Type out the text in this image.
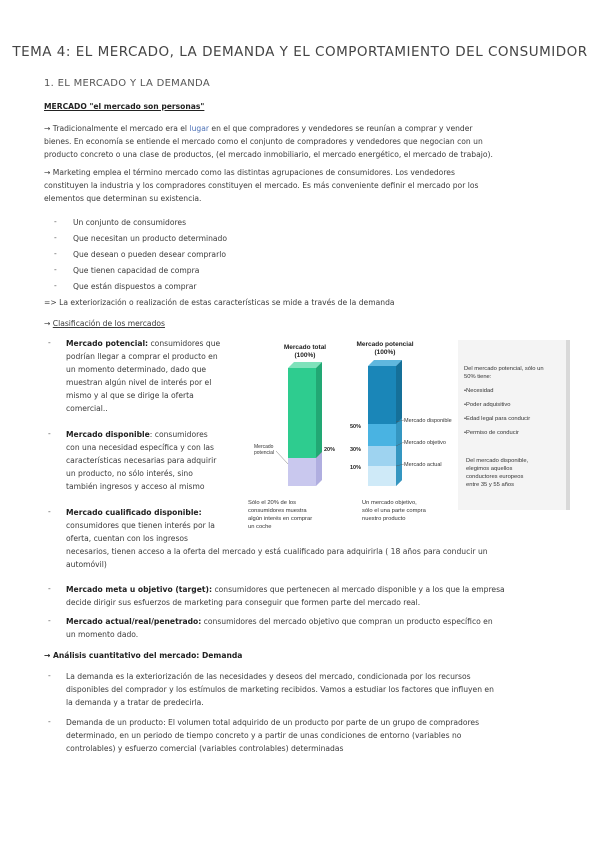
TEMA 4: EL MERCADO, LA DEMANDA Y EL COMPORTAMIENTO DEL CONSUMIDOR
1. EL MERCADO Y LA DEMANDA
MERCADO "el mercado son personas"
→ Tradicionalmente el mercado era el lugar en el que compradores y vendedores se reunían a comprar y vender
bienes. En economía se entiende el mercado como el conjunto de compradores y vendedores que negocian con un
producto concreto o una clase de productos, (el mercado inmobiliario, el mercado energético, el mercado de trabajo).
→ Marketing emplea el término mercado como las distintas agrupaciones de consumidores. Los vendedores
constituyen la industria y los compradores constituyen el mercado. Es más conveniente definir el mercado por los
elementos que determinan su existencia.
- Un conjunto de consumidores
- Que necesitan un producto determinado
- Que desean o pueden desear comprarlo
- Que tienen capacidad de compra
- Que están dispuestos a comprar
=> La exteriorización o realización de estas características se mide a través de la demanda
→ Clasificación de los mercados
- Mercado potencial: consumidores que
podrían llegar a comprar el producto en
un momento determinado, dado que
muestran algún nivel de interés por el
mismo y al que se dirige la oferta
comercial..
- Mercado disponible: consumidores
con una necesidad específica y con las
características necesarias para adquirir
un producto, no sólo interés, sino
también ingresos y acceso al mismo
- Mercado cualificado disponible:
consumidores que tienen interés por la
oferta, cuentan con los ingresos
necesarios, tienen acceso a la oferta del mercado y está cualificado para adquirirla ( 18 años para conducir un
automóvil)
- Mercado meta u objetivo (target): consumidores que pertenecen al mercado disponible y a los que la empresa
decide dirigir sus esfuerzos de marketing para conseguir que formen parte del mercado real.
- Mercado actual/real/penetrado: consumidores del mercado objetivo que compran un producto específico en
un momento dado.
→ Análisis cuantitativo del mercado: Demanda
- La demanda es la exteriorización de las necesidades y deseos del mercado, condicionada por los recursos
disponibles del comprador y los estímulos de marketing recibidos. Vamos a estudiar los factores que influyen en
la demanda y a tratar de predecirla.
- Demanda de un producto: El volumen total adquirido de un producto por parte de un grupo de compradores
determinado, en un periodo de tiempo concreto y a partir de unas condiciones de entorno (variables no
controlables) y esfuerzo comercial (variables controlables) determinadas
Mercado total
(100%)
Mercado
potencial	20%
Mercado potencial
(100%)
50%
30%
10%
Mercado disponible
Mercado objetivo
Mercado actual
Sólo el 20% de los
consumidores muestra
algún interés en comprar
un coche
Un mercado objetivo,
sólo el una parte compra
nuestro producto
Del mercado potencial, sólo un
50% tiene:
•Necesidad
•Poder adquisitivo
•Edad legal para conducir
•Permiso de conducir
Del mercado disponible,
elegimos aquellos
conductores europeos
entre 35 y 55 años
